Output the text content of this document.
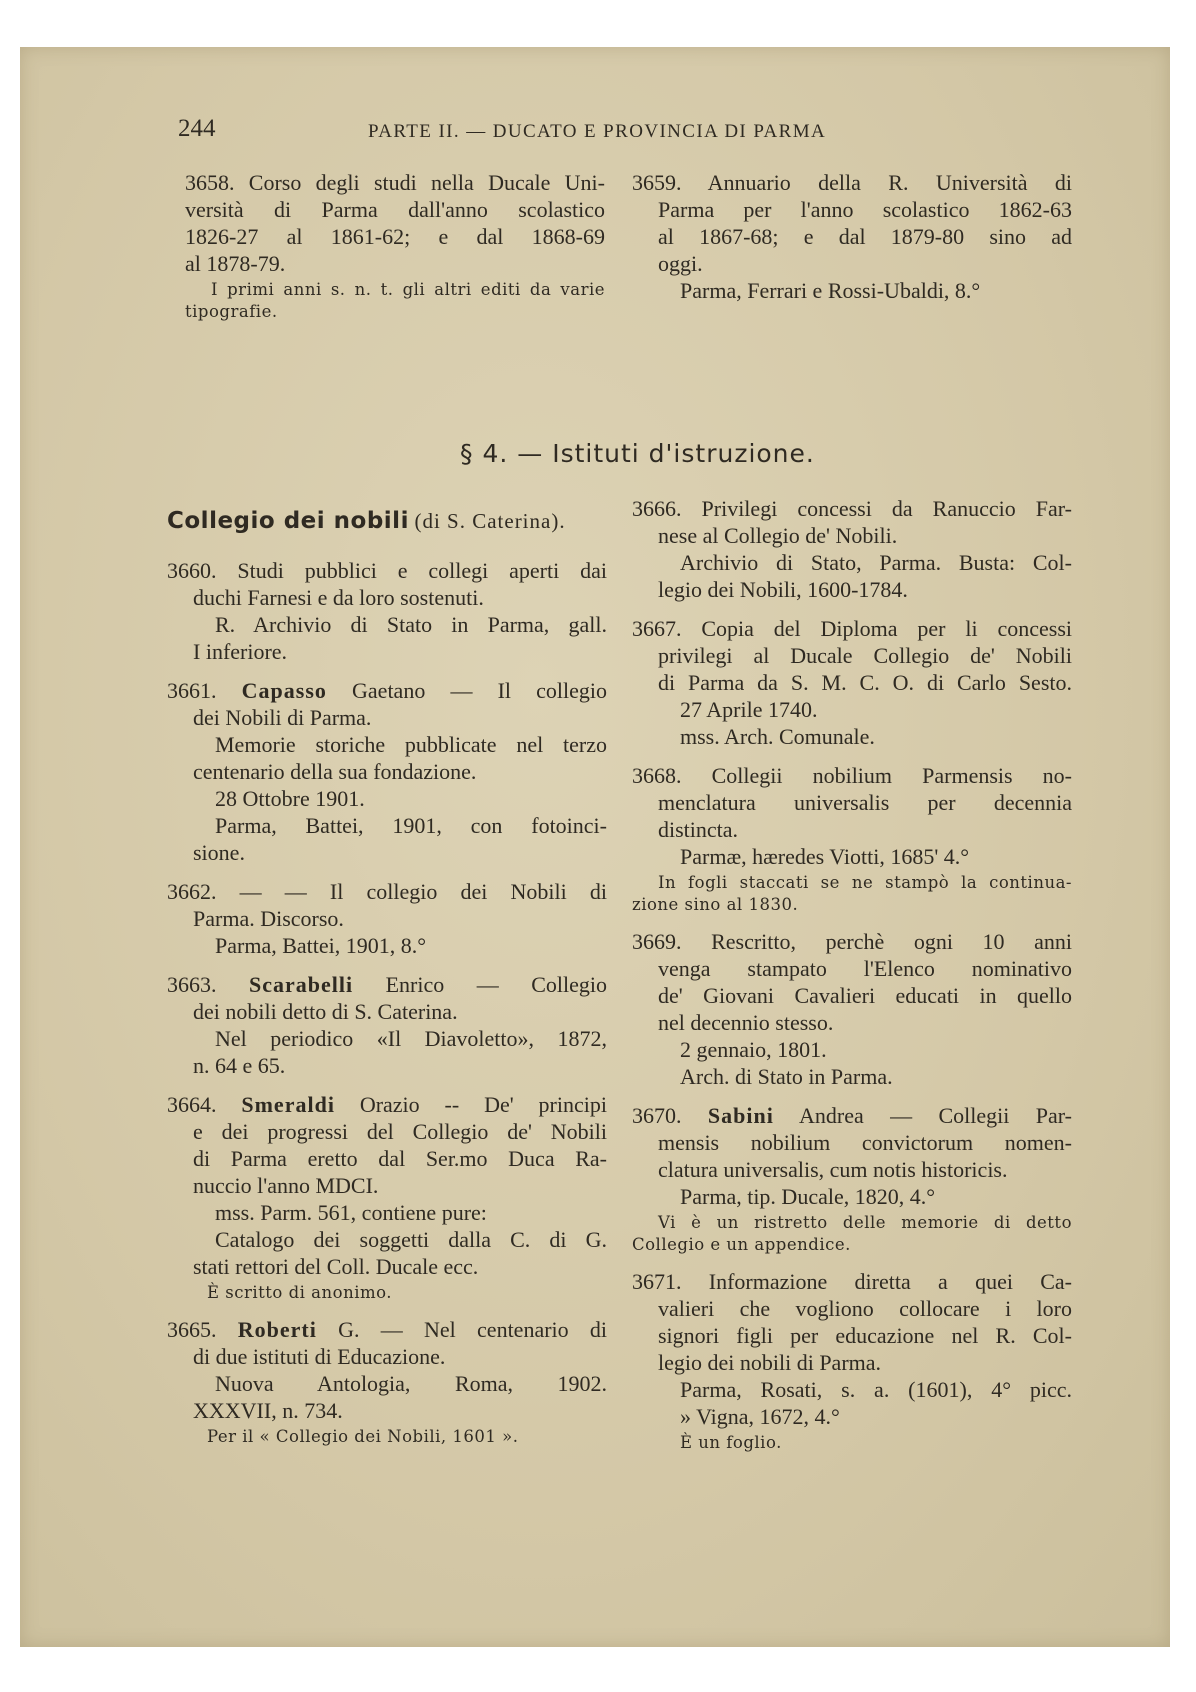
244	PARTE II. — DUCATO E PROVINCIA DI PARMA
3658. Corso degli studi nella Ducale Uni-
versità di Parma dall'anno scolastico
1826-27 al 1861-62; e dal 1868-69
al 1878-79.
I primi anni s. n. t. gli altri editi da varie
tipografie.
3659. Annuario della R. Università di
Parma per l'anno scolastico 1862-63
al 1867-68; e dal 1879-80 sino ad
oggi.
Parma, Ferrari e Rossi-Ubaldi, 8.°
§ 4. — Istituti d'istruzione.
Collegio dei nobili (di S. Caterina).
3660. Studi pubblici e collegi aperti dai
duchi Farnesi e da loro sostenuti.
R. Archivio di Stato in Parma, gall.
I inferiore.
3661. Capasso Gaetano — Il collegio
dei Nobili di Parma.
Memorie storiche pubblicate nel terzo
centenario della sua fondazione.
28 Ottobre 1901.
Parma, Battei, 1901, con fotoinci-
sione.
3662. — — Il collegio dei Nobili di
Parma. Discorso.
Parma, Battei, 1901, 8.°
3663. Scarabelli Enrico — Collegio
dei nobili detto di S. Caterina.
Nel periodico «Il Diavoletto», 1872,
n. 64 e 65.
3664. Smeraldi Orazio -- De' principi
e dei progressi del Collegio de' Nobili
di Parma eretto dal Ser.mo Duca Ra-
nuccio l'anno MDCI.
mss. Parm. 561, contiene pure:
Catalogo dei soggetti dalla C. di G.
stati rettori del Coll. Ducale ecc.
È scritto di anonimo.
3665. Roberti G. — Nel centenario di
di due istituti di Educazione.
Nuova Antologia, Roma, 1902.
XXXVII, n. 734.
Per il « Collegio dei Nobili, 1601 ».
3666. Privilegi concessi da Ranuccio Far-
nese al Collegio de' Nobili.
Archivio di Stato, Parma. Busta: Col-
legio dei Nobili, 1600-1784.
3667. Copia del Diploma per li concessi
privilegi al Ducale Collegio de' Nobili
di Parma da S. M. C. O. di Carlo Sesto.
27 Aprile 1740.
mss. Arch. Comunale.
3668. Collegii nobilium Parmensis no-
menclatura universalis per decennia
distincta.
Parmæ, hæredes Viotti, 1685' 4.°
In fogli staccati se ne stampò la continua-
zione sino al 1830.
3669. Rescritto, perchè ogni 10 anni
venga stampato l'Elenco nominativo
de' Giovani Cavalieri educati in quello
nel decennio stesso.
2 gennaio, 1801.
Arch. di Stato in Parma.
3670. Sabini Andrea — Collegii Par-
mensis nobilium convictorum nomen-
clatura universalis, cum notis historicis.
Parma, tip. Ducale, 1820, 4.°
Vi è un ristretto delle memorie di detto
Collegio e un appendice.
3671. Informazione diretta a quei Ca-
valieri che vogliono collocare i loro
signori figli per educazione nel R. Col-
legio dei nobili di Parma.
Parma, Rosati, s. a. (1601), 4° picc.
» Vigna, 1672, 4.°
È un foglio.
